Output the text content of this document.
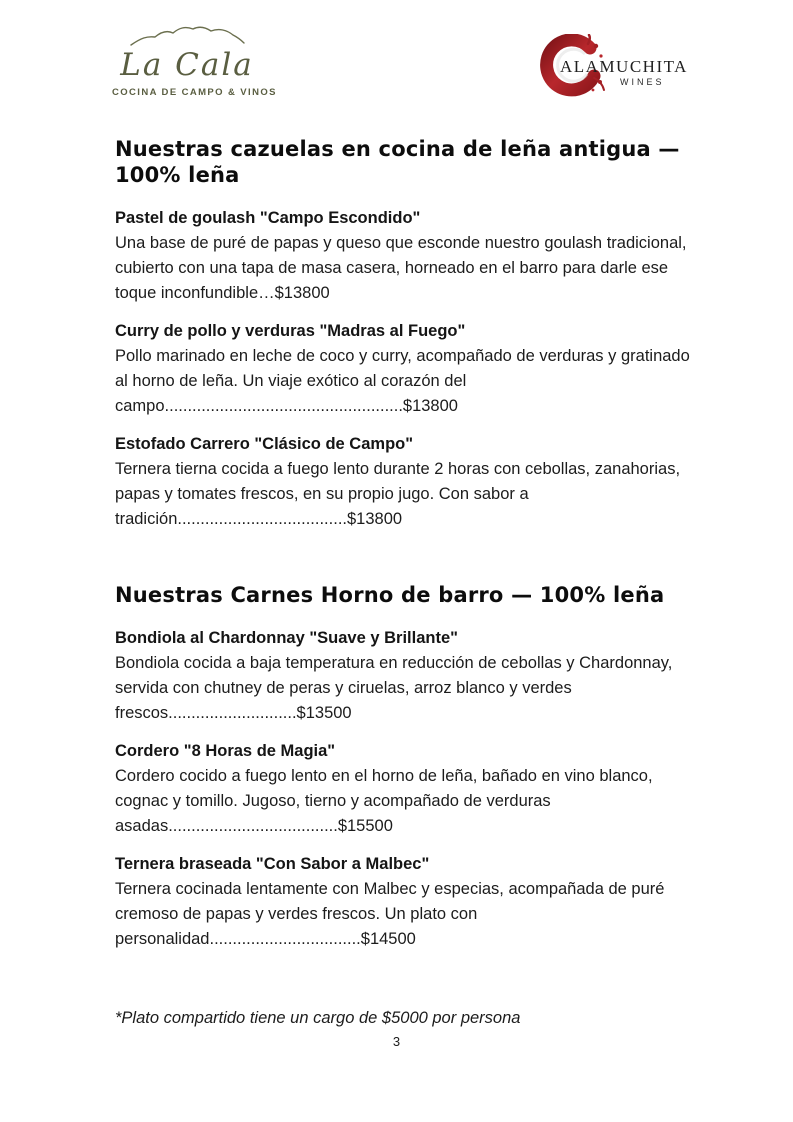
La Cala
COCINA DE CAMPO & VINOS
ALAMUCHITA
WINES
Nuestras cazuelas en cocina de leña antigua — 100% leña
Pastel de goulash "Campo Escondido"
Una base de puré de papas y queso que esconde nuestro goulash tradicional,
cubierto con una tapa de masa casera, horneado en el barro para darle ese
toque inconfundible…$13800
Curry de pollo y verduras "Madras al Fuego"
Pollo marinado en leche de coco y curry, acompañado de verduras y gratinado
al horno de leña. Un viaje exótico al corazón del
campo....................................................$13800
Estofado Carrero "Clásico de Campo"
Ternera tierna cocida a fuego lento durante 2 horas con cebollas, zanahorias,
papas y tomates frescos, en su propio jugo. Con sabor a
tradición.....................................$13800
Nuestras Carnes Horno de barro — 100% leña
Bondiola al Chardonnay "Suave y Brillante"
Bondiola cocida a baja temperatura en reducción de cebollas y Chardonnay,
servida con chutney de peras y ciruelas, arroz blanco y verdes
frescos............................$13500
Cordero "8 Horas de Magia"
Cordero cocido a fuego lento en el horno de leña, bañado en vino blanco,
cognac y tomillo. Jugoso, tierno y acompañado de verduras
asadas.....................................$15500
Ternera braseada "Con Sabor a Malbec"
Ternera cocinada lentamente con Malbec y especias, acompañada de puré
cremoso de papas y verdes frescos. Un plato con
personalidad.................................$14500
*Plato compartido tiene un cargo de $5000 por persona
3
